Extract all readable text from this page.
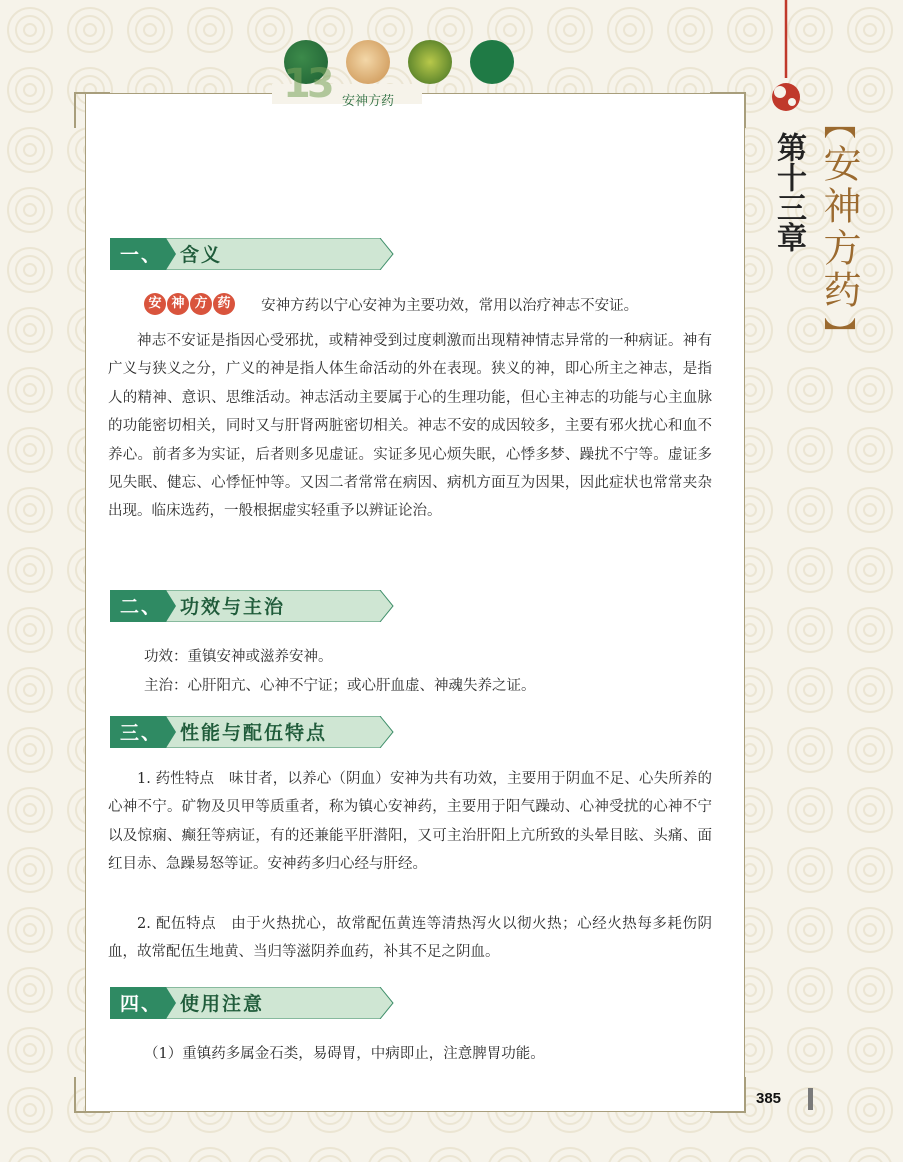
13 安神方药
第十三章
【
安神方药
】
一、 含义
安 神 方 药 安神方药以宁心安神为主要功效，常用以治疗神志不安证。
神志不安证是指因心受邪扰，或精神受到过度刺激而出现精神情志异常的一种病证。神有广义与狭义之分，广义的神是指人体生命活动的外在表现。狭义的神，即心所主之神志，是指人的精神、意识、思维活动。神志活动主要属于心的生理功能，但心主神志的功能与心主血脉的功能密切相关，同时又与肝肾两脏密切相关。神志不安的成因较多，主要有邪火扰心和血不养心。前者多为实证，后者则多见虚证。实证多见心烦失眠，心悸多梦、躁扰不宁等。虚证多见失眠、健忘、心悸怔忡等。又因二者常常在病因、病机方面互为因果，因此症状也常常夹杂出现。临床选药，一般根据虚实轻重予以辨证论治。
二、 功效与主治
功效：重镇安神或滋养安神。
主治：心肝阳亢、心神不宁证；或心肝血虚、神魂失养之证。
三、 性能与配伍特点
1. 药性特点　 味甘者，以养心（阴血）安神为共有功效，主要用于阴血不足、心失所养的心神不宁。矿物及贝甲等质重者，称为镇心安神药，主要用于阳气躁动、心神受扰的心神不宁以及惊痫、癫狂等病证，有的还兼能平肝潜阳，又可主治肝阳上亢所致的头晕目眩、头痛、面红目赤、急躁易怒等证。安神药多归心经与肝经。
2. 配伍特点　 由于火热扰心，故常配伍黄连等清热泻火以彻火热；心经火热每多耗伤阴血，故常配伍生地黄、当归等滋阴养血药，补其不足之阴血。
四、 使用注意
（1）重镇药多属金石类，易碍胃，中病即止，注意脾胃功能。
385
